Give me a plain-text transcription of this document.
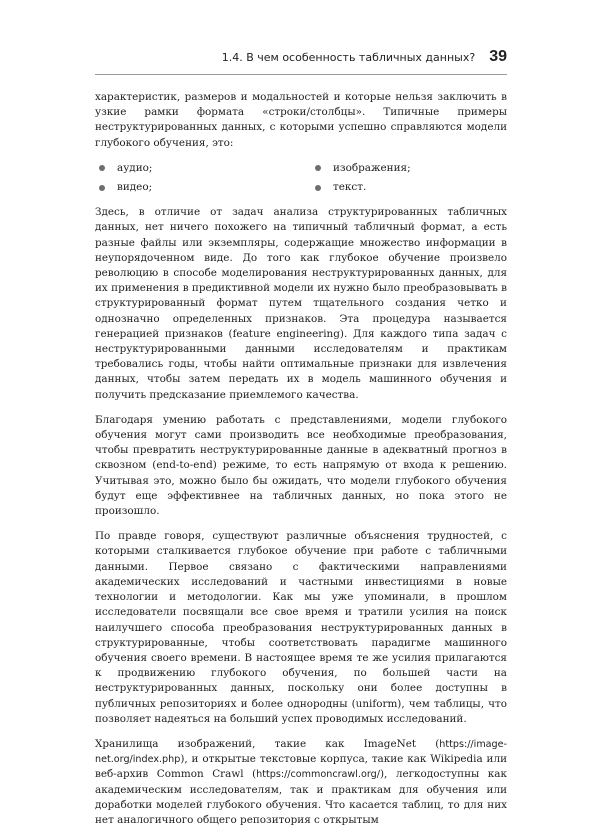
1.4. В чем особенность табличных данных? 39

характеристик, размеров и модальностей и которые нельзя заключить в узкие рамки формата «строки/столбцы». Типичные примеры неструктурированных данных, с которыми успешно справляются модели глубокого обучения, это:

аудио;	изображения;
видео;	текст.

Здесь, в отличие от задач анализа структурированных табличных данных, нет ничего похожего на типичный табличный формат, а есть разные файлы или экземпляры, содержащие множество информации в неупорядоченном виде. До того как глубокое обучение произвело революцию в способе моделирования неструктурированных данных, для их применения в предиктивной модели их нужно было преобразовывать в структурированный формат путем тщательного создания четко и однозначно определенных признаков. Эта процедура называется генерацией признаков (feature engineering). Для каждого типа задач с неструктурированными данными исследователям и практикам требовались годы, чтобы найти оптимальные признаки для извлечения данных, чтобы затем передать их в модель машинного обучения и получить предсказание приемлемого качества.

Благодаря умению работать с представлениями, модели глубокого обучения могут сами производить все необходимые преобразования, чтобы превратить неструктурированные данные в адекватный прогноз в сквозном (end-to-end) режиме, то есть напрямую от входа к решению. Учитывая это, можно было бы ожидать, что модели глубокого обучения будут еще эффективнее на табличных данных, но пока этого не произошло.

По правде говоря, существуют различные объяснения трудностей, с которыми сталкивается глубокое обучение при работе с табличными данными. Первое связано с фактическими направлениями академических исследований и частными инвестициями в новые технологии и методологии. Как мы уже упоминали, в прошлом исследователи посвящали все свое время и тратили усилия на поиск наилучшего способа преобразования неструктурированных данных в структурированные, чтобы соответствовать парадигме машинного обучения своего времени. В настоящее время те же усилия прилагаются к продвижению глубокого обучения, по большей части на неструктурированных данных, поскольку они более доступны в публичных репозиториях и более однородны (uniform), чем таблицы, что позволяет надеяться на больший успех проводимых исследований.

Хранилища изображений, такие как ImageNet (https://image-net.org/index.php), и открытые текстовые корпуса, такие как Wikipedia или веб-архив Common Crawl (https://commoncrawl.org/), легкодоступны как академическим исследователям, так и практикам для обучения или доработки моделей глубокого обучения. Что касается таблиц, то для них нет аналогичного общего репозитория с открытым
